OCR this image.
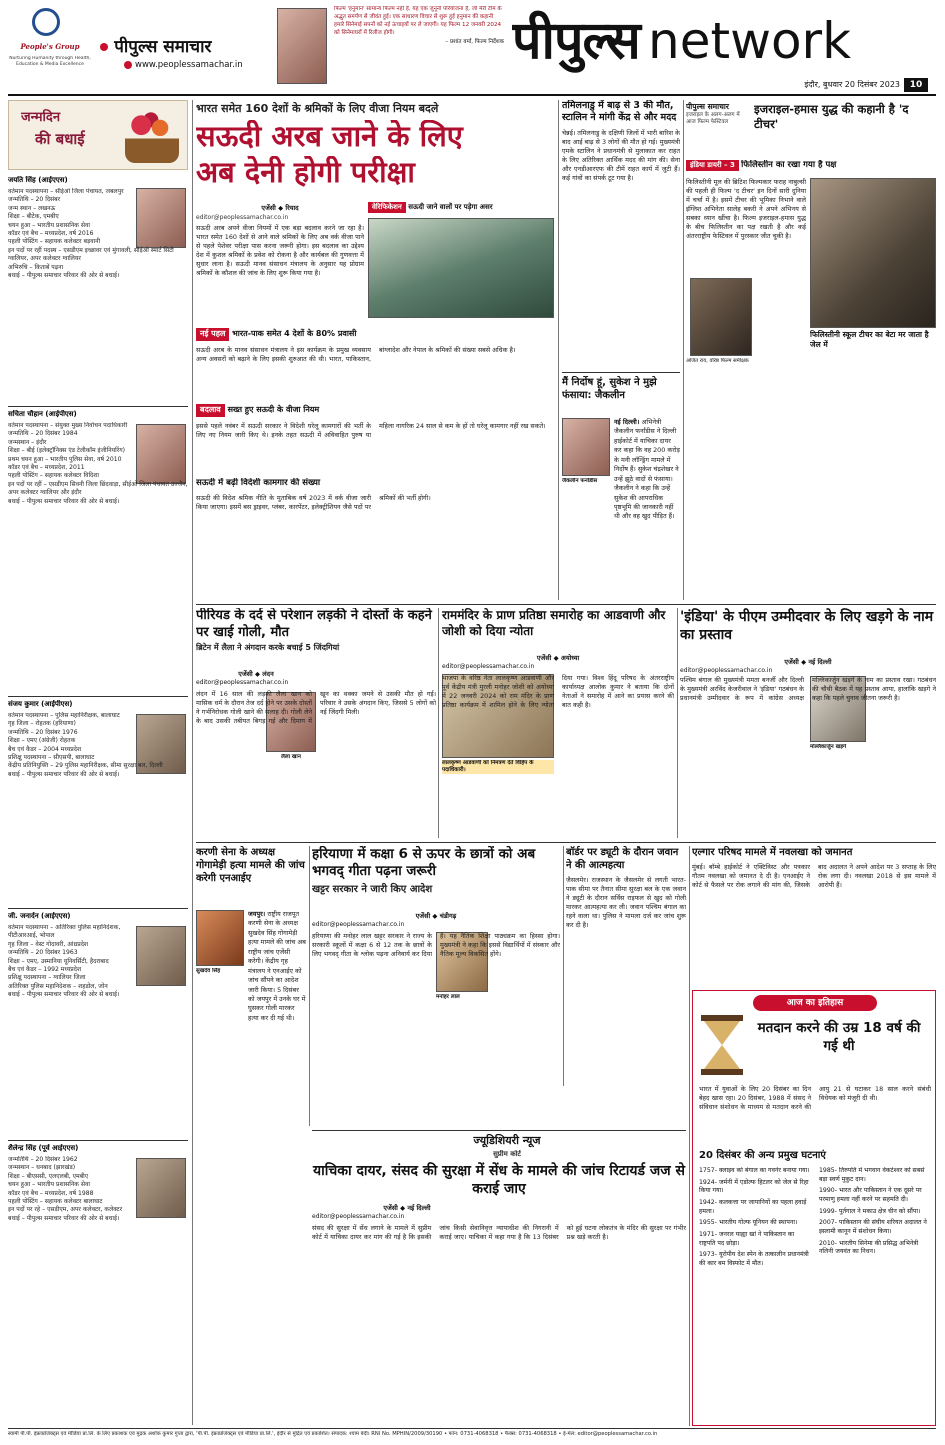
People's Group
Nurturing Humanity through Health, Education & Media Excellence
पीपुल्स समाचार
www.peoplessamachar.in
फिल्म 'हनुमान' सामान्य फिल्म नहीं है, यह एक जुनूनी परियोजना है, जो मेरी टीम के अद्भुत समर्पण से जीवंत हुई। एक साधारण विचार से शुरू हुई हनुमान की कहानी हमारे सिनेमाई सपनों को नई ऊंचाइयों पर ले जाएगी। यह फिल्म 12 जनवरी 2024 को सिनेमाघरों में रिलीज होगी।
– प्रशांत वर्मा, फिल्म निर्देशक पीपुल्स network
इंदौर, बुधवार 20 दिसंबर 2023	10
जन्मदिन
की बधाई
जयति सिंह (आईएएस)
वर्तमान पदस्थापना – सीईओ जिला पंचायत, जबलपुर
जन्मतिथि – 20 दिसंबर
जन्म स्थान – लखनऊ
शिक्षा – बीटेक, एमबीए
चयन हुआ – भारतीय प्रशासनिक सेवा
कॉडर एवं बैच – मध्यप्रदेश, वर्ष 2016
पहली पोस्टिंग – सहायक कलेक्टर बड़वानी
इन पदों पर रहीं पदस्थ – एसडीएम इच्छावर एवं मुंगावली, सीईओ स्मार्ट सिटी ग्वालियर, अपर कलेक्टर ग्वालियर
अभिरुचि – किताबें पढ़ना
बधाई – पीपुल्स समाचार परिवार की ओर से बधाई।
सचिता चौहान (आईपीएस)
वर्तमान पदस्थापना – संयुक्त मुख्य निर्वाचन पदाधिकारी
जन्मतिथि – 20 दिसंबर 1984
जन्मस्थान – इंदौर
शिक्षा – बीई (इलेक्ट्रॉनिक्स एंड टेलीकॉम इंजीनियरिंग)
प्रथम चयन हुआ – भारतीय पुलिस सेवा, वर्ष 2010
कॉडर एवं बैच – मध्यप्रदेश, 2011
पहली पोस्टिंग – सहायक कलेक्टर विदिशा
इन पदों पर रहीं – एसडीएम सिवनी जिला छिंदवाड़ा, सीईओ जिला पंचायत उज्जैन, अपर कलेक्टर ग्वालियर और इंदौर
बधाई – पीपुल्स समाचार परिवार की ओर से बधाई।
संजय कुमार (आईपीएस)
वर्तमान पदस्थापना – पुलिस महानिरीक्षक, बालाघाट
गृह जिला – रोहतक (हरियाणा)
जन्मतिथि – 20 दिसंबर 1976
शिक्षा – एमए (अंग्रेजी) रोहतक
बैच एवं कैडर – 2004 मध्यप्रदेश
प्रशिक्षु पदस्थापना – सीएसपी, बालाघाट
केंद्रीय प्रतिनियुक्ति – 29 पुलिस महानिरीक्षक, सीमा सुरक्षा बल, दिल्ली
बधाई – पीपुल्स समाचार परिवार की ओर से बधाई।
जी. जनार्दन (आईएएस)
वर्तमान पदस्थापना – अतिरिक्त पुलिस महानिदेशक, पीटीआरआई, भोपाल
गृह जिला – वेस्ट गोदावरी, आंध्रप्रदेश
जन्मतिथि – 20 दिसंबर 1963
शिक्षा – एमए, उस्मानिया यूनिवर्सिटी, हैदराबाद
बैच एवं कैडर – 1992 मध्यप्रदेश
प्रशिक्षु पदस्थापना – ग्वालियर जिला
अतिरिक्त पुलिस महानिदेशक – शहडोल, जोन
बधाई – पीपुल्स समाचार परिवार की ओर से बधाई।
शैलेन्द्र सिंह (पूर्व आईएएस)
जन्मतिथि – 20 दिसंबर 1962
जन्मस्थान – धनबाद (झारखंड)
शिक्षा – बीएससी, एलएलबी, एमबीए
चयन हुआ – भारतीय प्रशासनिक सेवा
कॉडर एवं बैच – मध्यप्रदेश, वर्ष 1988
पहली पोस्टिंग – सहायक कलेक्टर बालाघाट
इन पदों पर रहे – एसडीएम, अपर कलेक्टर, कलेक्टर
बधाई – पीपुल्स समाचार परिवार की ओर से बधाई।
भारत समेत 160 देशों के श्रमिकों के लिए वीजा नियम बदले
सऊदी अरब जाने के लिए
अब देनी होगी परीक्षा
एजेंसी ◆ रियाद
editor@peoplessamachar.co.in
सऊदी अरब अपने वीजा नियमों में एक बड़ा बदलाव करने जा रहा है। भारत समेत 160 देशों से आने वाले श्रमिकों के लिए अब वर्क वीजा पाने से पहले पेशेवर परीक्षा पास करना जरूरी होगा। इस बदलाव का उद्देश्य देश में कुशल श्रमिकों के प्रवेश को रोकना है और कार्यबल की गुणवत्ता में सुधार लाना है। सऊदी मानव संसाधन मंत्रालय के अनुसार यह प्रोग्राम श्रमिकों के कौशल की जांच के लिए शुरू किया गया है।
वेरिफिकेशन सऊदी जाने वालों पर पड़ेगा असर
नई पहल भारत-पाक समेत 4 देशों के 80% प्रवासी
सऊदी अरब के मानव संसाधन मंत्रालय ने इस कार्यक्रम के प्रमुख व्यवसाय अन्य अवसरों को बढ़ाने के लिए इसकी शुरुआत की थी। भारत, पाकिस्तान, बांग्लादेश और नेपाल के श्रमिकों की संख्या सबसे अधिक है।
बदलाव सख्त हुए सऊदी के वीजा नियम
इससे पहले नवंबर में सऊदी सरकार ने विदेशी घरेलू कामगारों की भर्ती के लिए नए नियम जारी किए थे। इनके तहत सऊदी में अविवाहित पुरुष या महिला नागरिक 24 साल से कम के हों तो घरेलू कामगार नहीं रख सकते।
सऊदी में बढ़ी विदेशी कामगार की संख्या
सऊदी की विदेश श्रमिक नीति के मुताबिक वर्ष 2023 में वर्क वीजा जारी किया जाएगा। इसमें बस ड्राइवर, प्लंबर, कारपेंटर, इलेक्ट्रीशियन जैसे पदों पर श्रमिकों की भर्ती होगी।
तमिलनाडु में बाढ़ से 3 की मौत, स्टालिन ने मांगी केंद्र से और मदद
चेन्नई। तमिलनाडु के दक्षिणी जिलों में भारी बारिश के बाद आई बाढ़ से 3 लोगों की मौत हो गई। मुख्यमंत्री एमके स्टालिन ने प्रधानमंत्री से मुलाकात कर राहत के लिए अतिरिक्त आर्थिक मदद की मांग की। सेना और एनडीआरएफ की टीमें राहत कार्य में जुटी हैं। कई गांवों का संपर्क टूट गया है।
मैं निर्दोष हूं, सुकेश ने मुझे फंसाया: जैकलीन
जैकलीन फर्नांडीस
नई दिल्ली। अभिनेत्री जैकलीन फर्नांडीस ने दिल्ली हाईकोर्ट में याचिका दायर कर कहा कि वह 200 करोड़ के मनी लॉन्ड्रिंग मामले में निर्दोष हैं। सुकेश चंद्रशेखर ने उन्हें झूठे वादों से फंसाया। जैकलीन ने कहा कि उन्हें सुकेश की आपराधिक पृष्ठभूमि की जानकारी नहीं थी और वह खुद पीड़ित हैं।
पीपुल्स समाचार
इजराइल के अलग-अलग में आज फिल्म फेस्टिवल
इजराइल-हमास युद्ध की कहानी है 'द टीचर'
इंडिया डायरी – 3 फिलिस्तीन का रखा गया है पक्ष
फिलिस्तीनी मूल की ब्रिटिश फिल्मकार फराह नाबुल्सी की पहली ही फिल्म 'द टीचर' इन दिनों सारी दुनिया में चर्चा में है। इसमें टीचर की भूमिका निभाने वाले इंग्लिश अभिनेता सालेह बकरी ने अपने अभिनय से सबका ध्यान खींचा है। फिल्म इजराइल-हमास युद्ध के बीच फिलिस्तीन का पक्ष रखती है और कई अंतरराष्ट्रीय फेस्टिवल में पुरस्कार जीत चुकी है।
अजित राय, वरिष्ठ फिल्म समीक्षक
फिलिस्तीनी स्कूल टीचर का बेटा मर जाता है जेल में
पीरियड के दर्द से परेशान लड़की ने दोस्तों के कहने पर खाई गोली, मौत
ब्रिटेन में लैला ने अंगदान करके बचाई 5 जिंदगियां
एजेंसी ◆ लंदन
editor@peoplessamachar.co.in
लैला खान
लंदन में 16 साल की लड़की लैला खान को मासिक धर्म के दौरान तेज दर्द होने पर उसके दोस्तों ने गर्भनिरोधक गोली खाने की सलाह दी। गोली लेने के बाद उसकी तबीयत बिगड़ गई और दिमाग में खून का थक्का जमने से उसकी मौत हो गई। परिवार ने उसके अंगदान किए, जिससे 5 लोगों को नई जिंदगी मिली।
राममंदिर के प्राण प्रतिष्ठा समारोह का आडवाणी और जोशी को दिया न्योता
एजेंसी ◆ अयोध्या
editor@peoplessamachar.co.in
लालकृष्ण आडवाणी को निमंत्रण देते विहिप के पदाधिकारी।
भाजपा के वरिष्ठ नेता लालकृष्ण आडवाणी और पूर्व केंद्रीय मंत्री मुरली मनोहर जोशी को अयोध्या में 22 जनवरी 2024 को राम मंदिर के प्राण प्रतिष्ठा कार्यक्रम में शामिल होने के लिए न्योता दिया गया। विश्व हिंदू परिषद के अंतरराष्ट्रीय कार्याध्यक्ष आलोक कुमार ने बताया कि दोनों नेताओं ने समारोह में आने का प्रयास करने की बात कही है।
'इंडिया' के पीएम उम्मीदवार के लिए खड़गे के नाम का प्रस्ताव
एजेंसी ◆ नई दिल्ली
editor@peoplessamachar.co.in
मल्लिकार्जुन खड़गे
पश्चिम बंगाल की मुख्यमंत्री ममता बनर्जी और दिल्ली के मुख्यमंत्री अरविंद केजरीवाल ने 'इंडिया' गठबंधन के प्रधानमंत्री उम्मीदवार के रूप में कांग्रेस अध्यक्ष मल्लिकार्जुन खड़गे के नाम का प्रस्ताव रखा। गठबंधन की चौथी बैठक में यह प्रस्ताव आया, हालांकि खड़गे ने कहा कि पहले चुनाव जीतना जरूरी है।
करणी सेना के अध्यक्ष गोगामेड़ी हत्या मामले की जांच करेगी एनआईए
सुखदेव सिंह
जयपुर। राष्ट्रीय राजपूत करणी सेना के अध्यक्ष सुखदेव सिंह गोगामेड़ी हत्या मामले की जांच अब राष्ट्रीय जांच एजेंसी करेगी। केंद्रीय गृह मंत्रालय ने एनआईए को जांच सौंपने का आदेश जारी किया। 5 दिसंबर को जयपुर में उनके घर में घुसकर गोली मारकर हत्या कर दी गई थी।
हरियाणा में कक्षा 6 से ऊपर के छात्रों को अब भगवद् गीता पढ़ना जरूरी
खट्टर सरकार ने जारी किए आदेश
एजेंसी ◆ चंडीगढ़
editor@peoplessamachar.co.in
मनोहर लाल
हरियाणा की मनोहर लाल खट्टर सरकार ने राज्य के सरकारी स्कूलों में कक्षा 6 से 12 तक के छात्रों के लिए भगवद् गीता के श्लोक पढ़ना अनिवार्य कर दिया है। यह नैतिक शिक्षा पाठ्यक्रम का हिस्सा होगा। मुख्यमंत्री ने कहा कि इससे विद्यार्थियों में संस्कार और नैतिक मूल्य विकसित होंगे।
बॉर्डर पर ड्यूटी के दौरान जवान ने की आत्महत्या
जैसलमेर। राजस्थान के जैसलमेर से लगती भारत-पाक सीमा पर तैनात सीमा सुरक्षा बल के एक जवान ने ड्यूटी के दौरान सर्विस राइफल से खुद को गोली मारकर आत्महत्या कर ली। जवान पश्चिम बंगाल का रहने वाला था। पुलिस ने मामला दर्ज कर जांच शुरू कर दी है।
एल्गार परिषद मामले में नवलखा को जमानत
मुंबई। बॉम्बे हाईकोर्ट ने एक्टिविस्ट और पत्रकार गौतम नवलखा को जमानत दे दी है। एनआईए ने कोर्ट से फैसले पर रोक लगाने की मांग की, जिसके बाद अदालत ने अपने आदेश पर 3 सप्ताह के लिए रोक लगा दी। नवलखा 2018 से इस मामले में आरोपी हैं।
आज का इतिहास
मतदान करने की उम्र 18 वर्ष की गई थी
भारत में युवाओं के लिए 20 दिसंबर का दिन बेहद खास रहा। 20 दिसंबर, 1988 में संसद ने संविधान संशोधन के माध्यम से मतदान करने की आयु 21 से घटाकर 18 साल करने संबंधी विधेयक को मंजूरी दी थी।
20 दिसंबर की अन्य प्रमुख घटनाएं
1757- क्लाइव को बंगाल का गवर्नर बनाया गया।
1924- जर्मनी में एडोल्फ हिटलर को जेल से रिहा किया गया।
1942- कलकत्ता पर जापानियों का पहला हवाई हमला।
1955- भारतीय गोल्फ यूनियन की स्थापना।
1971- जनरल याह्या खां ने पाकिस्तान का राष्ट्रपति पद छोड़ा।
1973- यूरोपीय देश स्पेन के तत्कालीन प्रधानमंत्री की कार बम विस्फोट में मौत।
1985- तिरुपति में भगवान वेंकटेश्वर को सबसे बड़ा स्वर्ण मुकुट दान।
1990- भारत और पाकिस्तान ने एक दूसरे पर परमाणु हमला नहीं करने पर सहमति दी।
1999- पुर्तगाल ने मकाउ क्षेत्र चीन को सौंपा।
2007- पाकिस्तान की संघीय शरियत अदालत ने इस्लामी कानून में संशोधन किया।
2010- भारतीय सिनेमा की प्रसिद्ध अभिनेत्री नलिनी जयवंत का निधन।
ज्यूडिशियरी न्यूज
सुप्रीम कोर्ट
याचिका दायर, संसद की सुरक्षा में सेंध के मामले की जांच रिटायर्ड जज से कराई जाए
एजेंसी ◆ नई दिल्ली
editor@peoplessamachar.co.in
संसद की सुरक्षा में सेंध लगाने के मामले में सुप्रीम कोर्ट में याचिका दायर कर मांग की गई है कि इसकी जांच किसी सेवानिवृत्त न्यायाधीश की निगरानी में कराई जाए। याचिका में कहा गया है कि 13 दिसंबर को हुई घटना लोकतंत्र के मंदिर की सुरक्षा पर गंभीर प्रश्न खड़े करती है।
स्वामी पी.पी. इंफ्राप्रोजेक्ट्स एवं मीडिया प्रा.लि. के लिए प्रकाशक एवं मुद्रक अशोक कुमार गुप्ता द्वारा, 'पी.पी. इंफ्राप्रोजेक्ट्स एवं मीडिया प्रा.लि.', इंदौर से मुद्रित एवं प्रकाशित। संपादक: श्याम बेदी। RNI No. MPHIN/2009/30190 • फोन: 0731-4068318 • फैक्स: 0731-4068318 • ई-मेल: editor@peoplessamachar.co.in
